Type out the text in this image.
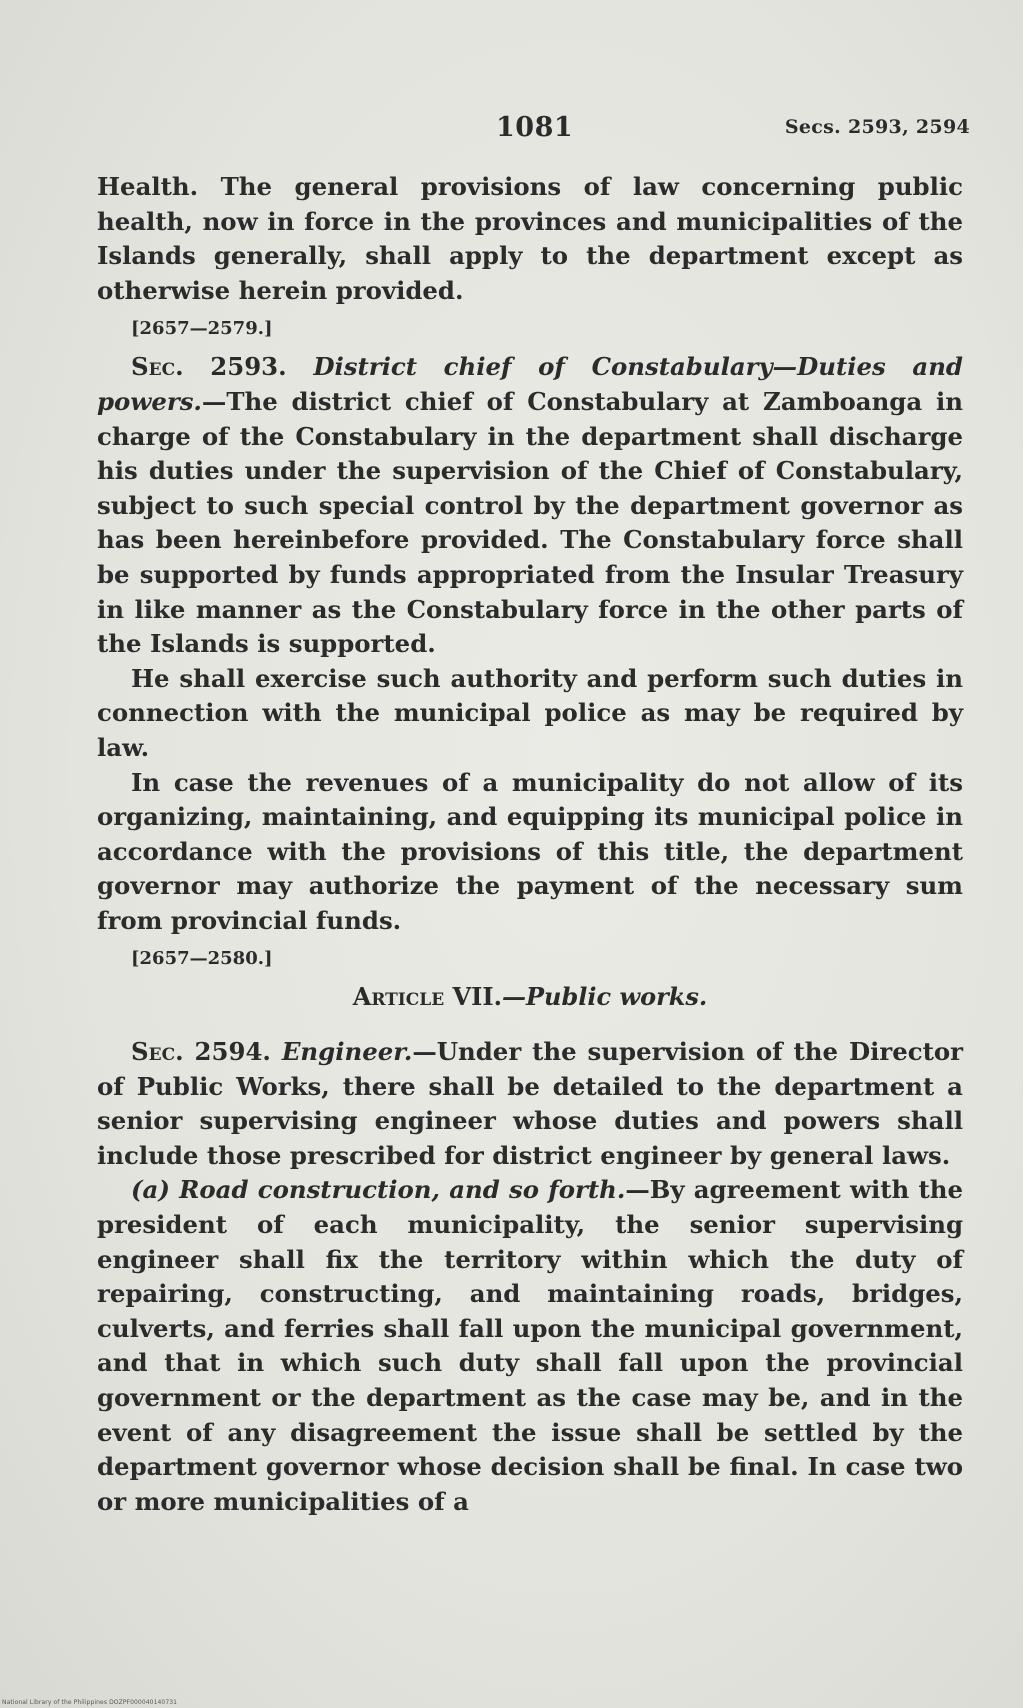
1081	Secs. 2593, 2594

Health. The general provisions of law concerning public health, now in force in the provinces and municipalities of the Islands generally, shall apply to the department except as otherwise herein provided.

[2657—2579.]

Sec. 2593. District chief of Constabulary—Duties and powers.—The district chief of Constabulary at Zamboanga in charge of the Constabulary in the department shall discharge his duties under the supervision of the Chief of Constabulary, subject to such special control by the department governor as has been hereinbefore provided. The Constabulary force shall be supported by funds appropriated from the Insular Treasury in like manner as the Constabulary force in the other parts of the Islands is supported.

He shall exercise such authority and perform such duties in connection with the municipal police as may be required by law.

In case the revenues of a municipality do not allow of its organizing, maintaining, and equipping its municipal police in accordance with the provisions of this title, the department governor may authorize the payment of the necessary sum from provincial funds.

[2657—2580.]

Article VII.—Public works.

Sec. 2594. Engineer.—Under the supervision of the Director of Public Works, there shall be detailed to the department a senior supervising engineer whose duties and powers shall include those prescribed for district engineer by general laws.

(a) Road construction, and so forth.—By agreement with the president of each municipality, the senior supervising engineer shall fix the territory within which the duty of repairing, constructing, and maintaining roads, bridges, culverts, and ferries shall fall upon the municipal government, and that in which such duty shall fall upon the provincial government or the department as the case may be, and in the event of any disagreement the issue shall be settled by the department governor whose decision shall be final. In case two or more municipalities of a

National Library of the Philippines DOZPF000040140731
